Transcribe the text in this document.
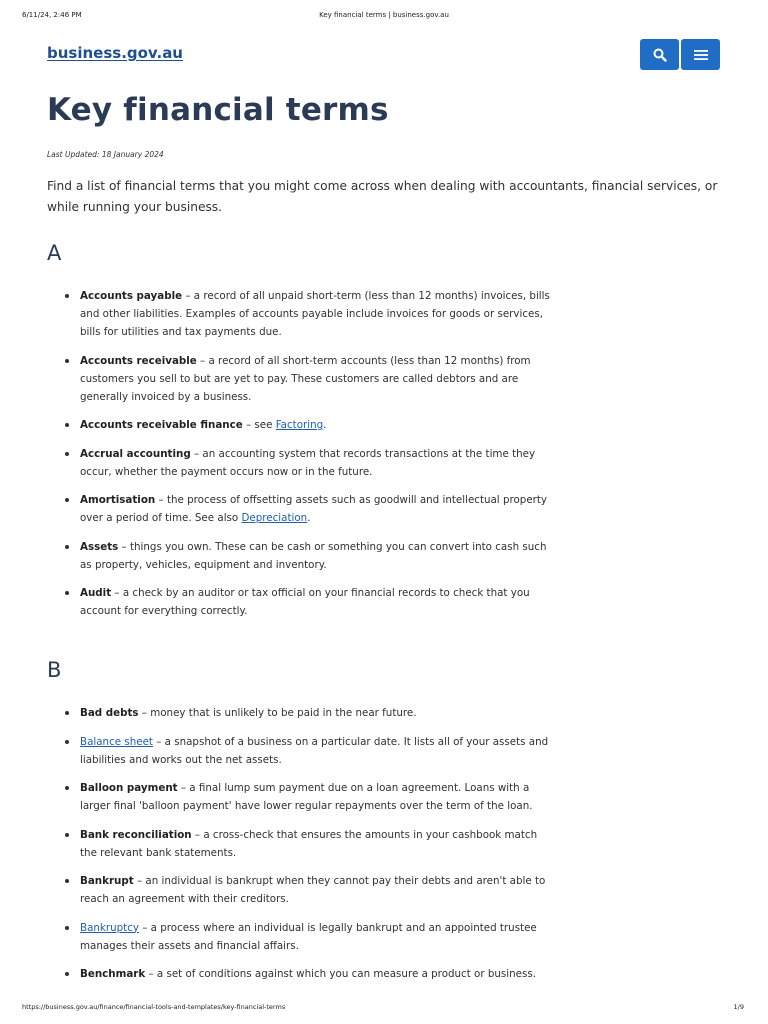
6/11/24, 2:46 PM	Key financial terms | business.gov.au
business.gov.au
Key financial terms
Last Updated: 18 January 2024

Find a list of financial terms that you might come across when dealing with accountants, financial services, or while running your business.

A
Accounts payable – a record of all unpaid short-term (less than 12 months) invoices, bills and other liabilities. Examples of accounts payable include invoices for goods or services, bills for utilities and tax payments due.
Accounts receivable – a record of all short-term accounts (less than 12 months) from customers you sell to but are yet to pay. These customers are called debtors and are generally invoiced by a business.
Accounts receivable finance – see Factoring.
Accrual accounting – an accounting system that records transactions at the time they occur, whether the payment occurs now or in the future.
Amortisation – the process of offsetting assets such as goodwill and intellectual property over a period of time. See also Depreciation.
Assets – things you own. These can be cash or something you can convert into cash such as property, vehicles, equipment and inventory.
Audit – a check by an auditor or tax official on your financial records to check that you account for everything correctly.
B
Bad debts – money that is unlikely to be paid in the near future.
Balance sheet – a snapshot of a business on a particular date. It lists all of your assets and liabilities and works out the net assets.
Balloon payment – a final lump sum payment due on a loan agreement. Loans with a larger final 'balloon payment' have lower regular repayments over the term of the loan.
Bank reconciliation – a cross-check that ensures the amounts in your cashbook match the relevant bank statements.
Bankrupt – an individual is bankrupt when they cannot pay their debts and aren't able to reach an agreement with their creditors.
Bankruptcy – a process where an individual is legally bankrupt and an appointed trustee manages their assets and financial affairs.
Benchmark – a set of conditions against which you can measure a product or business.
https://business.gov.au/finance/financial-tools-and-templates/key-financial-terms	1/9
